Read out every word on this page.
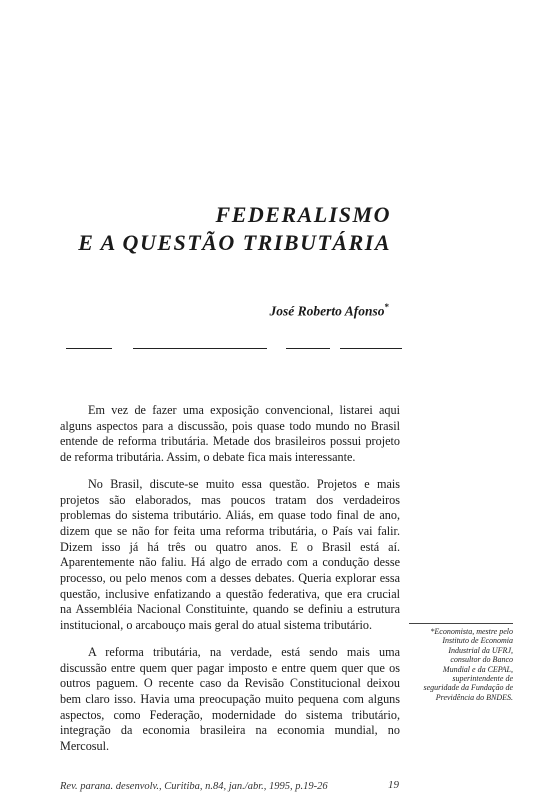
FEDERALISMO
E A QUESTÃO TRIBUTÁRIA
José Roberto Afonso*

Em vez de fazer uma exposição convencional, listarei aqui alguns aspectos para a discussão, pois quase todo mundo no Brasil entende de reforma tributária. Metade dos brasileiros possui projeto de reforma tributária. Assim, o debate fica mais interessante.

No Brasil, discute-se muito essa questão. Projetos e mais projetos são elaborados, mas poucos tratam dos verdadeiros problemas do sistema tributário. Aliás, em quase todo final de ano, dizem que se não for feita uma reforma tributária, o País vai falir. Dizem isso já há três ou quatro anos. E o Brasil está aí. Aparentemente não faliu. Há algo de errado com a condução desse processo, ou pelo menos com a desses debates. Queria explorar essa questão, inclusive enfatizando a questão federativa, que era crucial na Assembléia Nacional Constituinte, quando se definiu a estrutura institucional, o arcabouço mais geral do atual sistema tributário.

A reforma tributária, na verdade, está sendo mais uma discussão entre quem quer pagar imposto e entre quem quer que os outros paguem. O recente caso da Revisão Constitucional deixou bem claro isso. Havia uma preocupação muito pequena com alguns aspectos, como Federação, modernidade do sistema tributário, integração da economia brasileira na economia mundial, no Mercosul.

*Economista, mestre pelo
Instituto de Economia
Industrial da UFRJ,
consultor do Banco
Mundial e da CEPAL,
superintendente de
seguridade da Fundação de
Previdência do BNDES.
Rev. parana. desenvolv., Curitiba, n.84, jan./abr., 1995, p.19-26	19
